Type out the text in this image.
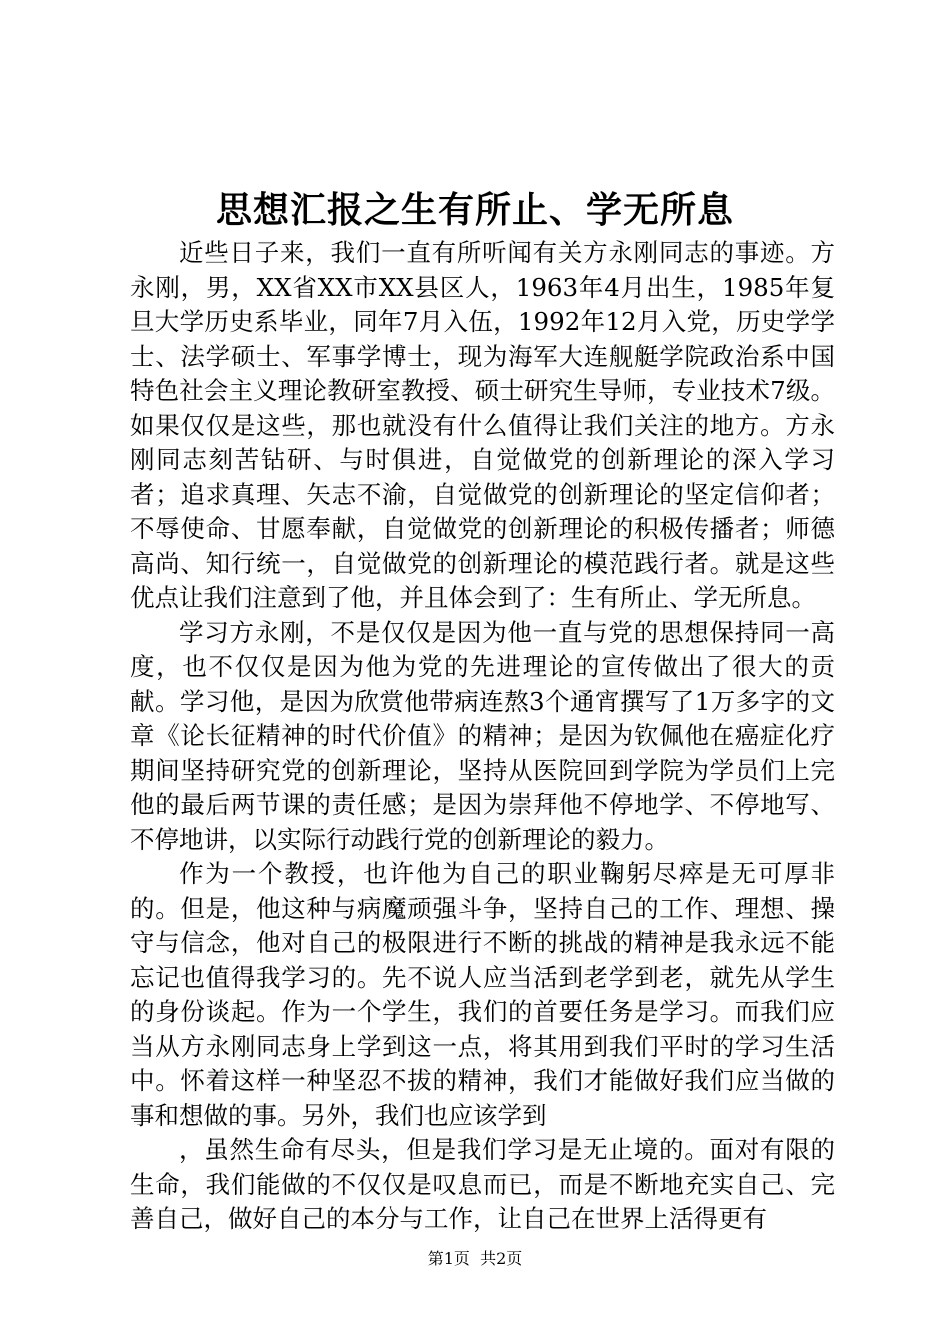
思想汇报之生有所止、学无所息

近些日子来，我们一直有所听闻有关方永刚同志的事迹。方永刚，男，XX省XX市XX县区人，1963年4月出生，1985年复旦大学历史系毕业，同年7月入伍，1992年12月入党，历史学学士、法学硕士、军事学博士，现为海军大连舰艇学院政治系中国特色社会主义理论教研室教授、硕士研究生导师，专业技术7级。如果仅仅是这些，那也就没有什么值得让我们关注的地方。方永刚同志刻苦钻研、与时俱进，自觉做党的创新理论的深入学习者；追求真理、矢志不渝，自觉做党的创新理论的坚定信仰者；不辱使命、甘愿奉献，自觉做党的创新理论的积极传播者；师德高尚、知行统一，自觉做党的创新理论的模范践行者。就是这些优点让我们注意到了他，并且体会到了：生有所止、学无所息。

学习方永刚，不是仅仅是因为他一直与党的思想保持同一高度，也不仅仅是因为他为党的先进理论的宣传做出了很大的贡献。学习他，是因为欣赏他带病连熬3个通宵撰写了1万多字的文章《论长征精神的时代价值》的精神；是因为钦佩他在癌症化疗期间坚持研究党的创新理论，坚持从医院回到学院为学员们上完他的最后两节课的责任感；是因为崇拜他不停地学、不停地写、不停地讲，以实际行动践行党的创新理论的毅力。

作为一个教授，也许他为自己的职业鞠躬尽瘁是无可厚非的。但是，他这种与病魔顽强斗争，坚持自己的工作、理想、操守与信念，他对自己的极限进行不断的挑战的精神是我永远不能忘记也值得我学习的。先不说人应当活到老学到老，就先从学生的身份谈起。作为一个学生，我们的首要任务是学习。而我们应当从方永刚同志身上学到这一点，将其用到我们平时的学习生活中。怀着这样一种坚忍不拔的精神，我们才能做好我们应当做的事和想做的事。另外，我们也应该学到

，虽然生命有尽头，但是我们学习是无止境的。面对有限的生命，我们能做的不仅仅是叹息而已，而是不断地充实自己、完善自己，做好自己的本分与工作，让自己在世界上活得更有

第1页 共2页
